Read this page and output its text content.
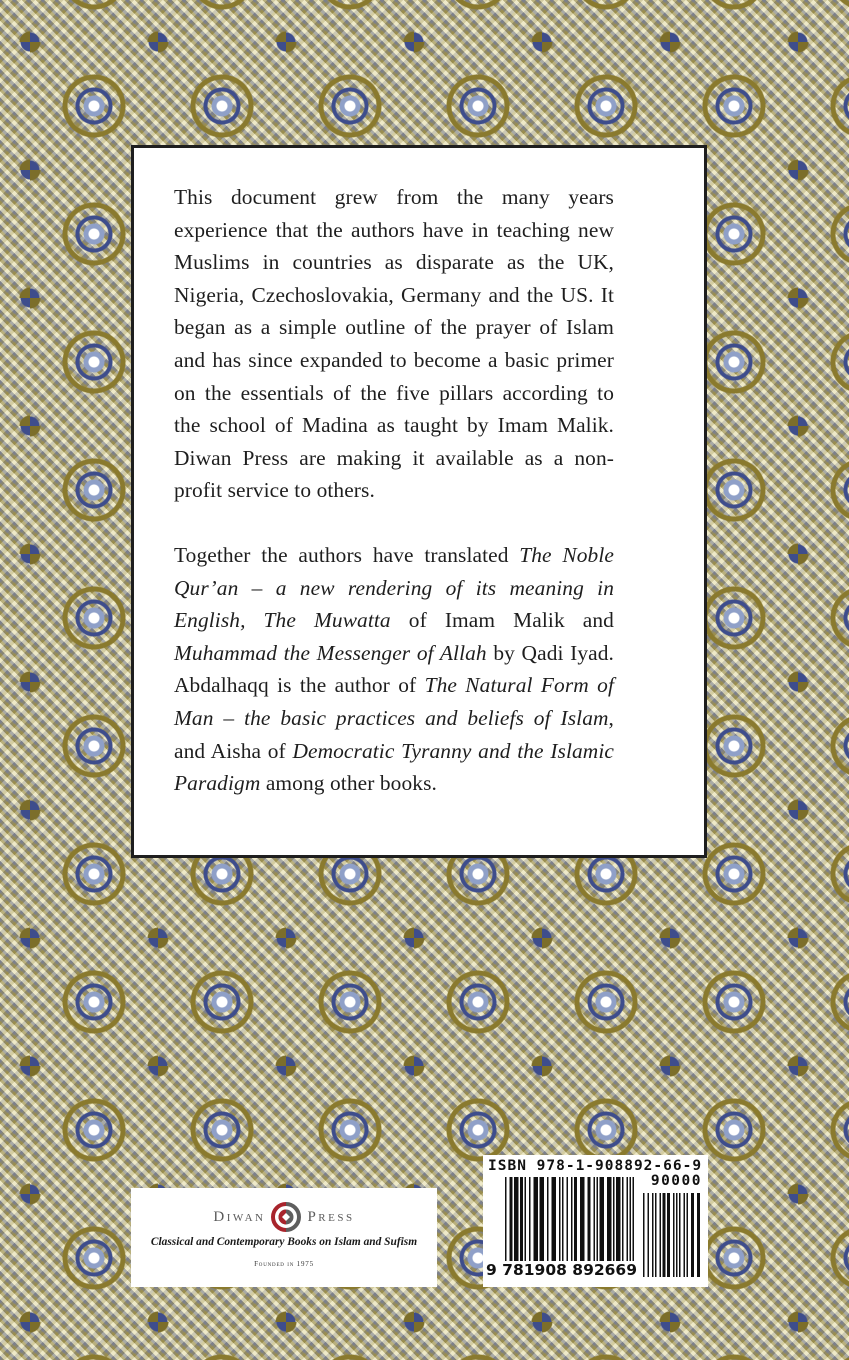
This document grew from the many years experience that the authors have in teaching new Muslims in countries as disparate as the UK, Nigeria, Czechoslovakia, Germany and the US. It began as a simple outline of the prayer of Islam and has since expanded to become a basic primer on the essentials of the five pillars according to the school of Madina as taught by Imam Malik. Diwan Press are making it available as a non-profit service to others.

Together the authors have translated The Noble Qur’an – a new rendering of its meaning in English, The Muwatta of Imam Malik and Muhammad the Messenger of Allah by Qadi Iyad. Abdalhaqq is the author of The Natural Form of Man – the basic practices and beliefs of Islam, and Aisha of Democratic Tyranny and the Islamic Paradigm among other books.

Diwan	Press
Classical and Contemporary Books on Islam and Sufism
Founded in 1975
ISBN 978-1-908892-66-9
90000
9 781908 892669
